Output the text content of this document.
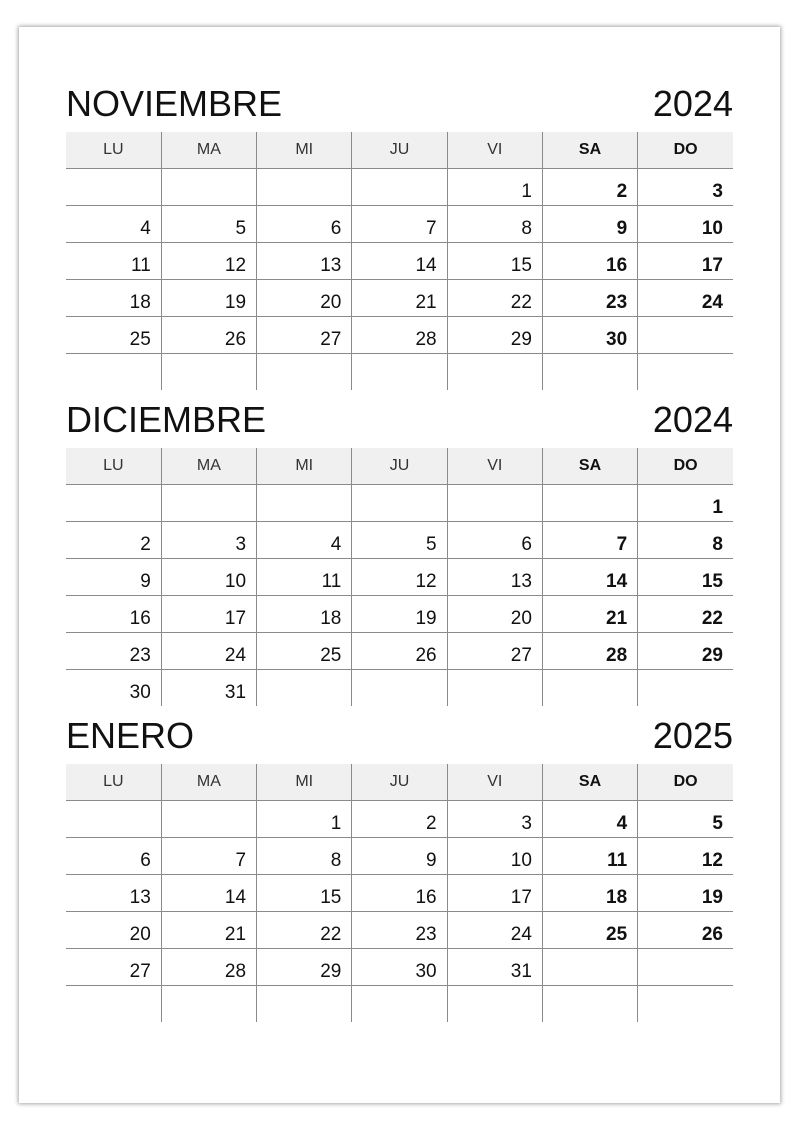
NOVIEMBRE	2024
LU	MA	MI	JU	VI	SA	DO
				1	2	3
4	5	6	7	8	9	10
11	12	13	14	15	16	17
18	19	20	21	22	23	24
25	26	27	28	29	30	

DICIEMBRE	2024
LU	MA	MI	JU	VI	SA	DO
						1
2	3	4	5	6	7	8
9	10	11	12	13	14	15
16	17	18	19	20	21	22
23	24	25	26	27	28	29
30	31					
ENERO	2025
LU	MA	MI	JU	VI	SA	DO
		1	2	3	4	5
6	7	8	9	10	11	12
13	14	15	16	17	18	19
20	21	22	23	24	25	26
27	28	29	30	31		
